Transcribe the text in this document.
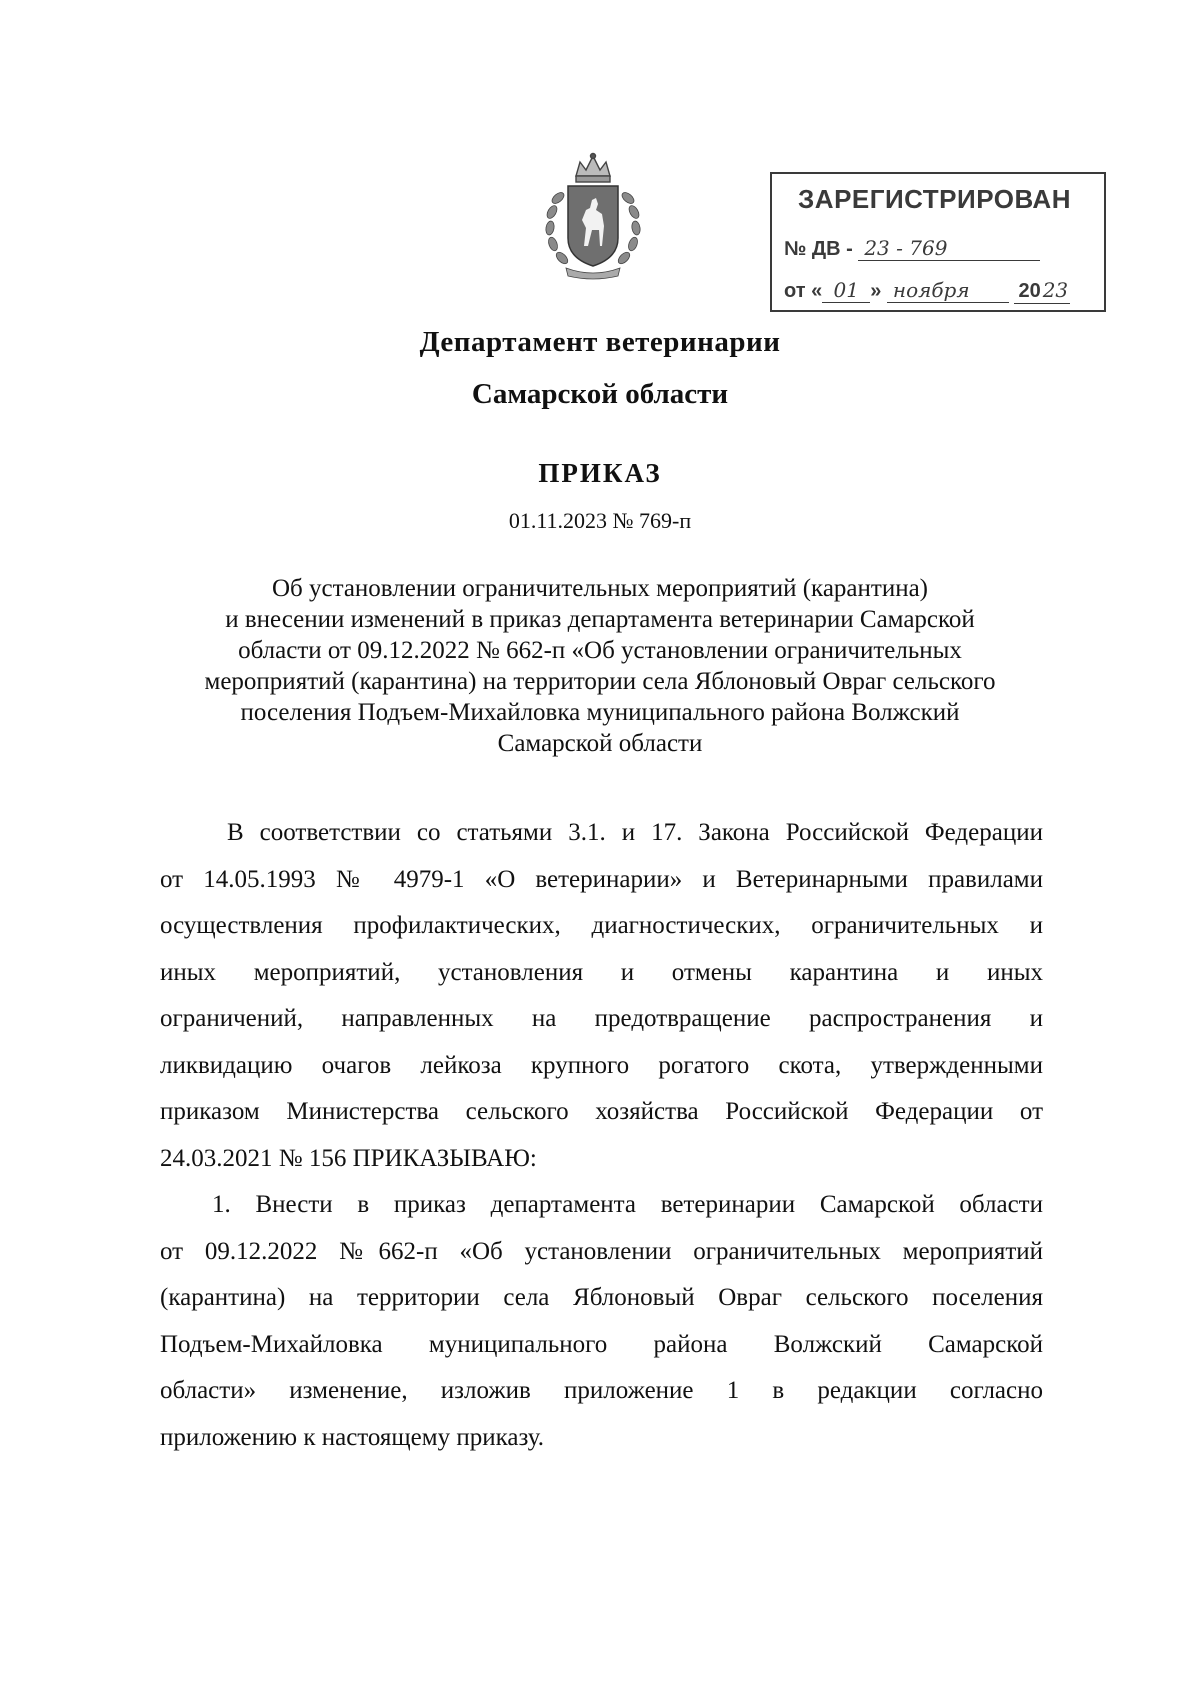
ЗАРЕГИСТРИРОВАН
№ ДВ - 23 - 769
от « 01 » ноября 20 23
Департамент ветеринарии
Самарской области
ПРИКАЗ
01.11.2023 № 769-п
Об установлении ограничительных мероприятий (карантина)
и внесении изменений в приказ департамента ветеринарии Самарской
области от 09.12.2022 № 662-п «Об установлении ограничительных
мероприятий (карантина) на территории села Яблоновый Овраг сельского
поселения Подъем-Михайловка муниципального района Волжский
Самарской области
В соответствии со статьями 3.1. и 17. Закона Российской Федерации
от 14.05.1993 № 4979-1 «О ветеринарии» и Ветеринарными правилами
осуществления профилактических, диагностических, ограничительных и
иных мероприятий, установления и отмены карантина и иных
ограничений, направленных на предотвращение распространения и
ликвидацию очагов лейкоза крупного рогатого скота, утвержденными
приказом Министерства сельского хозяйства Российской Федерации от
24.03.2021 № 156 ПРИКАЗЫВАЮ:
1. Внести в приказ департамента ветеринарии Самарской области
от 09.12.2022 №662-п «Об установлении ограничительных мероприятий
(карантина) на территории села Яблоновый Овраг сельского поселения
Подъем-Михайловка муниципального района Волжский Самарской
области» изменение, изложив приложение 1 в редакции согласно
приложению к настоящему приказу.
